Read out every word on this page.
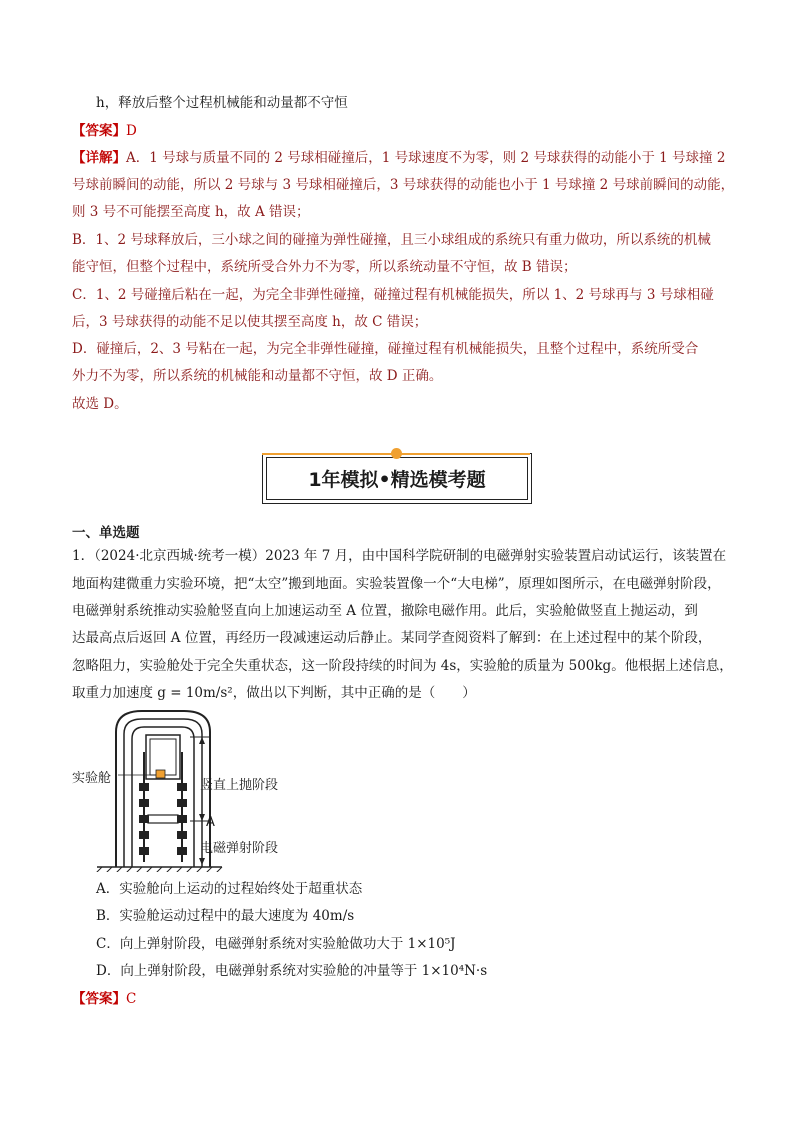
h，释放后整个过程机械能和动量都不守恒
【答案】D
【详解】A．1 号球与质量不同的 2 号球相碰撞后，1 号球速度不为零，则 2 号球获得的动能小于 1 号球撞 2
号球前瞬间的动能，所以 2 号球与 3 号球相碰撞后，3 号球获得的动能也小于 1 号球撞 2 号球前瞬间的动能，
则 3 号不可能摆至高度 h，故 A 错误；
B．1、2 号球释放后，三小球之间的碰撞为弹性碰撞，且三小球组成的系统只有重力做功，所以系统的机械
能守恒，但整个过程中，系统所受合外力不为零，所以系统动量不守恒，故 B 错误；
C．1、2 号碰撞后粘在一起，为完全非弹性碰撞，碰撞过程有机械能损失，所以 1、2 号球再与 3 号球相碰
后，3 号球获得的动能不足以使其摆至高度 h，故 C 错误；
D．碰撞后，2、3 号粘在一起，为完全非弹性碰撞，碰撞过程有机械能损失，且整个过程中，系统所受合
外力不为零，所以系统的机械能和动量都不守恒，故 D 正确。
故选 D。
1年模拟•精选模考题
一、单选题
1．（2024·北京西城·统考一模）2023 年 7 月，由中国科学院研制的电磁弹射实验装置启动试运行，该装置在
地面构建微重力实验环境，把“太空”搬到地面。实验装置像一个“大电梯”，原理如图所示，在电磁弹射阶段，
电磁弹射系统推动实验舱竖直向上加速运动至 A 位置，撤除电磁作用。此后，实验舱做竖直上抛运动，到
达最高点后返回 A 位置，再经历一段减速运动后静止。某同学查阅资料了解到：在上述过程中的某个阶段，
忽略阻力，实验舱处于完全失重状态，这一阶段持续的时间为 4s，实验舱的质量为 500kg。他根据上述信息，
取重力加速度 g = 10m/s²，做出以下判断，其中正确的是（　　）
实验舱	竖直上抛阶段
A
电磁弹射阶段
A．实验舱向上运动的过程始终处于超重状态
B．实验舱运动过程中的最大速度为 40m/s
C．向上弹射阶段，电磁弹射系统对实验舱做功大于 1×10⁵J
D．向上弹射阶段，电磁弹射系统对实验舱的冲量等于 1×10⁴N·s
【答案】C
